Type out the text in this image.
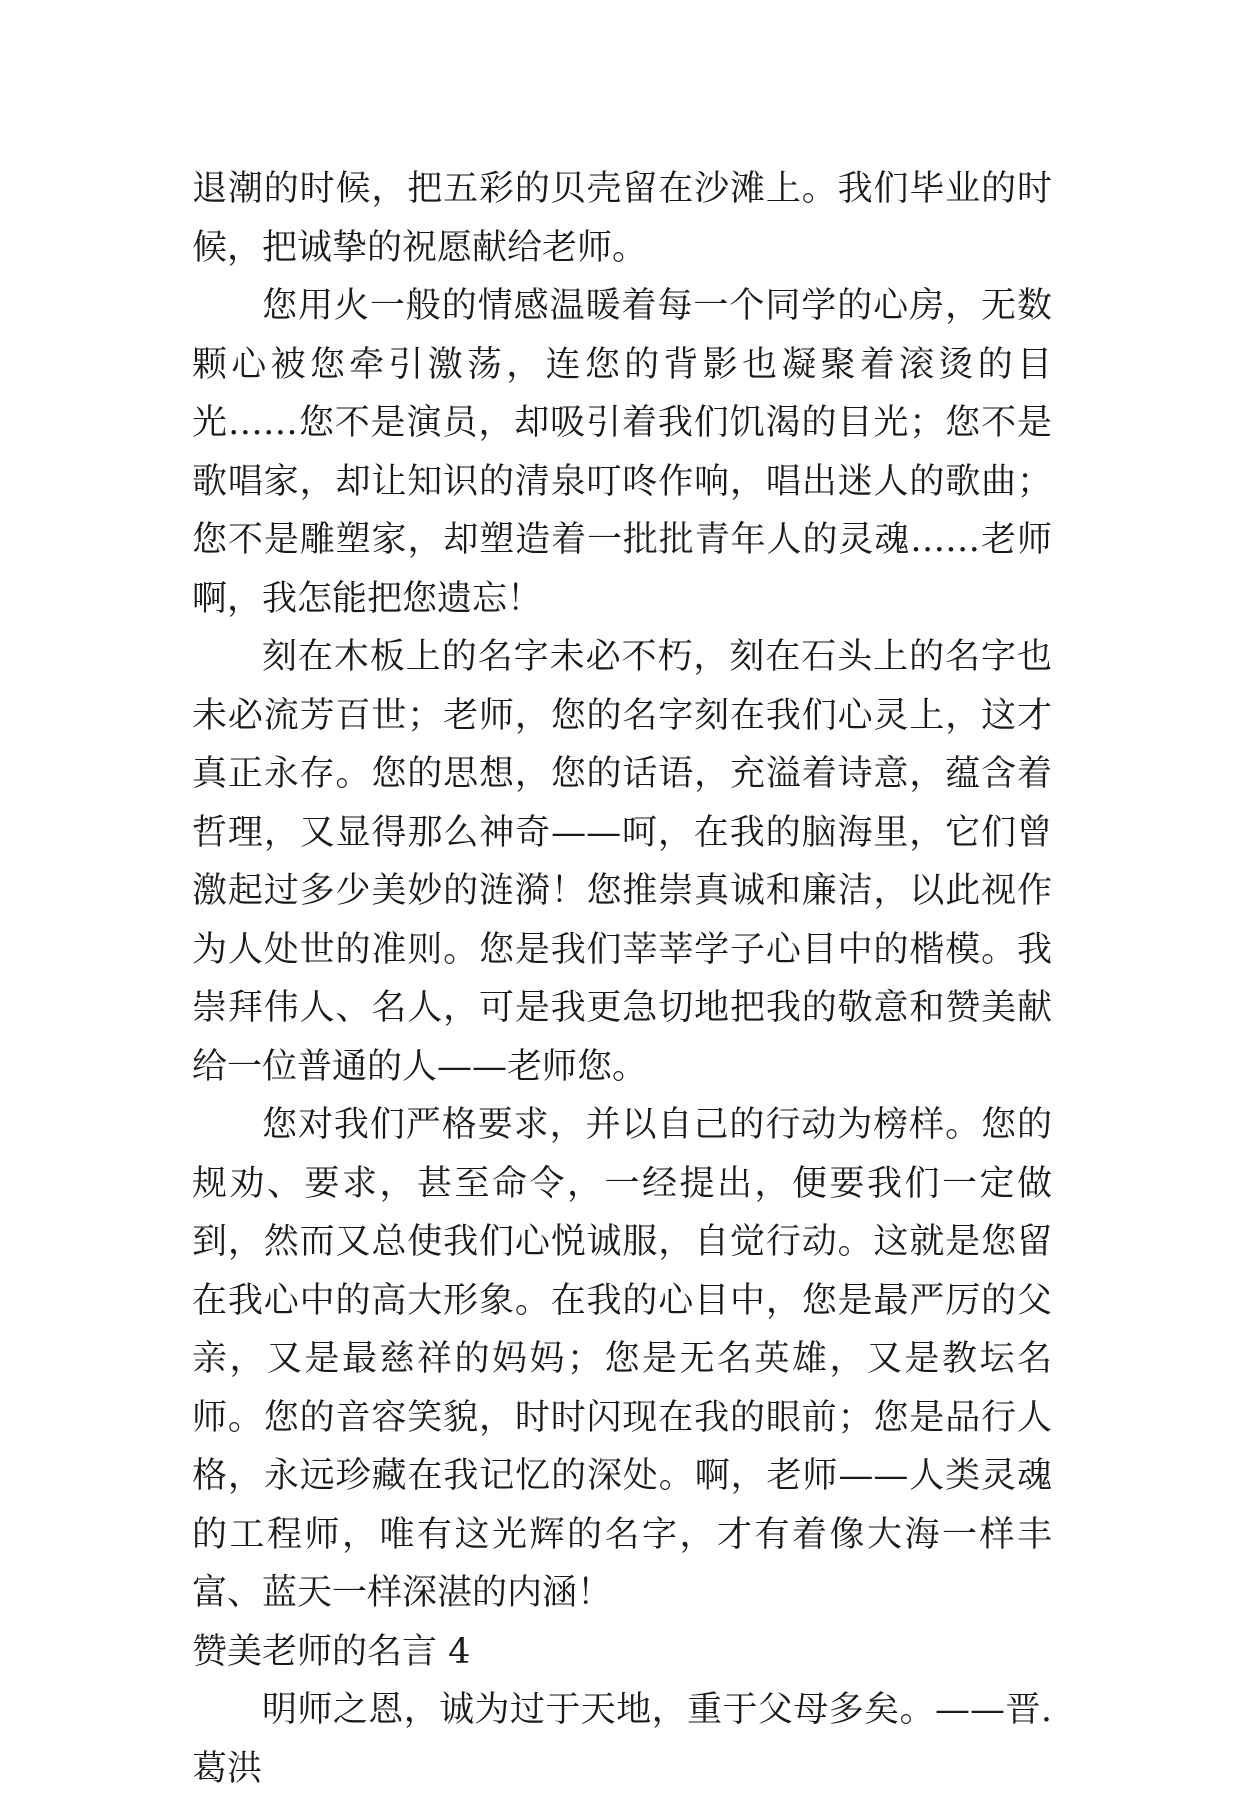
退潮的时候，把五彩的贝壳留在沙滩上。我们毕业的时候，把诚挚的祝愿献给老师。

您用火一般的情感温暖着每一个同学的心房，无数颗心被您牵引激荡，连您的背影也凝聚着滚烫的目光……您不是演员，却吸引着我们饥渴的目光；您不是歌唱家，却让知识的清泉叮咚作响，唱出迷人的歌曲；您不是雕塑家，却塑造着一批批青年人的灵魂……老师啊，我怎能把您遗忘！

刻在木板上的名字未必不朽，刻在石头上的名字也未必流芳百世；老师，您的名字刻在我们心灵上，这才真正永存。您的思想，您的话语，充溢着诗意，蕴含着哲理，又显得那么神奇——呵，在我的脑海里，它们曾激起过多少美妙的涟漪！您推崇真诚和廉洁，以此视作为人处世的准则。您是我们莘莘学子心目中的楷模。我崇拜伟人、名人，可是我更急切地把我的敬意和赞美献给一位普通的人——老师您。

您对我们严格要求，并以自己的行动为榜样。您的规劝、要求，甚至命令，一经提出，便要我们一定做到，然而又总使我们心悦诚服，自觉行动。这就是您留在我心中的高大形象。在我的心目中，您是最严厉的父亲，又是最慈祥的妈妈；您是无名英雄，又是教坛名师。您的音容笑貌，时时闪现在我的眼前；您是品行人格，永远珍藏在我记忆的深处。啊，老师——人类灵魂的工程师，唯有这光辉的名字，才有着像大海一样丰富、蓝天一样深湛的内涵！

赞美老师的名言 4

明师之恩，诚为过于天地，重于父母多矣。——晋.葛洪
